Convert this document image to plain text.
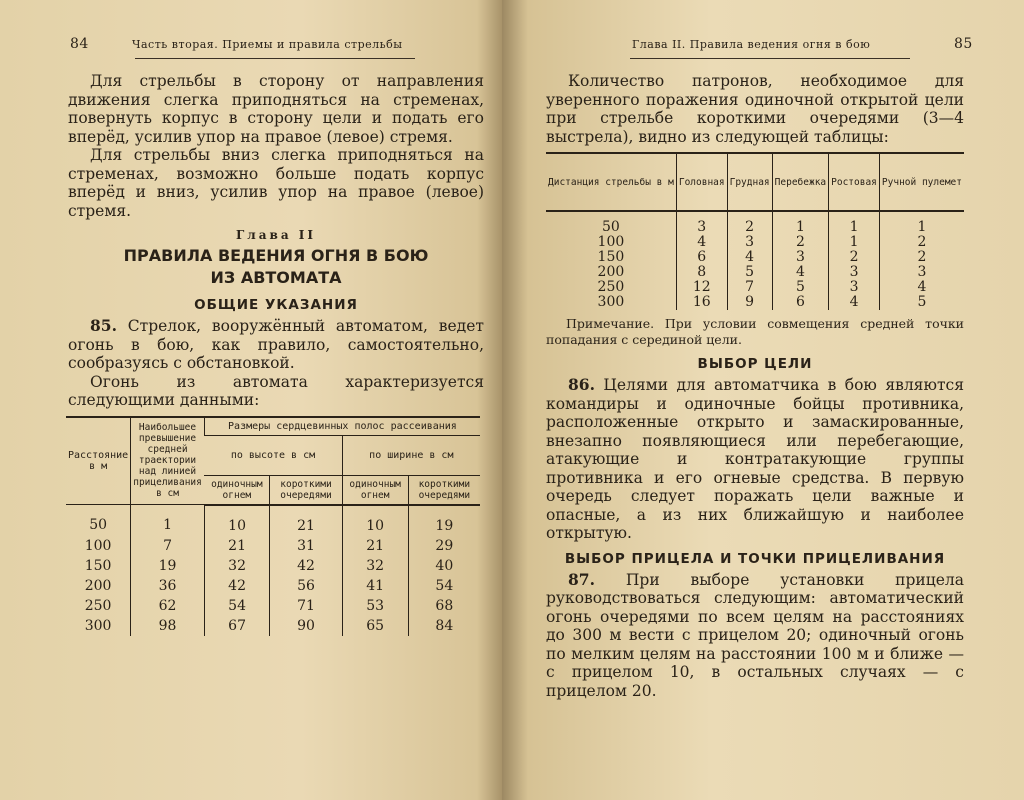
84	Часть вторая. Приемы и правила стрельбы

Для стрельбы в сторону от направления движения слегка приподняться на стременах, повернуть корпус в сторону цели и подать его вперёд, усилив упор на правое (левое) стремя.

Для стрельбы вниз слегка приподняться на стременах, возможно больше подать корпус вперёд и вниз, усилив упор на правое (левое) стремя.

Глава II
ПРАВИЛА ВЕДЕНИЯ ОГНЯ В БОЮ ИЗ АВТОМАТА
ОБЩИЕ УКАЗАНИЯ

85. Стрелок, вооружённый автоматом, ведет огонь в бою, как правило, самостоятельно, сообразуясь с обстановкой.

Огонь из автомата характеризуется следующими данными:

Расстояние в м	Наибольшее превышение средней траектории над линией прицеливания в см	Размеры сердцевинных полос рассеивания			
		по высоте в см		по ширине в см	
		одиночным огнем	короткими очередями	одиночным огнем	короткими очередями
50	1	10	21	10	19
100	7	21	31	21	29
150	19	32	42	32	40
200	36	42	56	41	54
250	62	54	71	53	68
300	98	67	90	65	84
Глава II. Правила ведения огня в бою	85

Количество патронов, необходимое для уверенного поражения одиночной открытой цели при стрельбе короткими очередями (3—4 выстрела), видно из следующей таблицы:

Дистанция стрельбы в м	Головная	Грудная	Перебежка	Ростовая	Ручной пулемет
50	3	2	1	1	1
100	4	3	2	1	2
150	6	4	3	2	2
200	8	5	4	3	3
250	12	7	5	3	4
300	16	9	6	4	5
Примечание. При условии совмещения средней точки попадания с серединой цели.
ВЫБОР ЦЕЛИ

86. Целями для автоматчика в бою являются командиры и одиночные бойцы противника, расположенные открыто и замаскированные, внезапно появляющиеся или перебегающие, атакующие и контратакующие группы противника и его огневые средства. В первую очередь следует поражать цели важные и опасные, а из них ближайшую и наиболее открытую.

ВЫБОР ПРИЦЕЛА И ТОЧКИ ПРИЦЕЛИВАНИЯ

87. При выборе установки прицела руководствоваться следующим: автоматический огонь очередями по всем целям на расстояниях до 300 м вести с прицелом 20; одиночный огонь по мелким целям на расстоянии 100 м и ближе — с прицелом 10, в остальных случаях — с прицелом 20.
